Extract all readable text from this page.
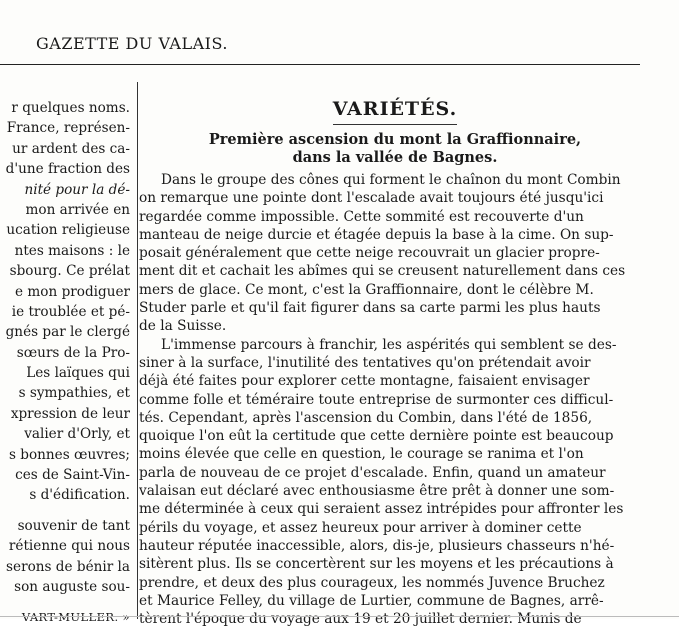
GAZETTE DU VALAIS.
r quelques noms.
France, représen-
ur ardent des ca-
d'une fraction des
nité pour la dé-
mon arrivée en
ucation religieuse
ntes maisons : le
sbourg. Ce prélat
e mon prodiguer
ie troublée et pé-
gnés par le clergé
sœurs de la Pro-
Les laïques qui
s sympathies, et
xpression de leur
valier d'Orly, et
s bonnes œuvres;
ces de Saint-Vin-
s d'édification.
souvenir de tant
rétienne qui nous
serons de bénir la
son auguste sou-
VART-MULLER. »
VARIÉTÉS.
Première ascension du mont la Graffionnaire,
dans la vallée de Bagnes.
Dans le groupe des cônes qui forment le chaînon du mont Combin
on remarque une pointe dont l'escalade avait toujours été jusqu'ici
regardée comme impossible. Cette sommité est recouverte d'un
manteau de neige durcie et étagée depuis la base à la cime. On sup-
posait généralement que cette neige recouvrait un glacier propre-
ment dit et cachait les abîmes qui se creusent naturellement dans ces
mers de glace. Ce mont, c'est la Graffionnaire, dont le célèbre M.
Studer parle et qu'il fait figurer dans sa carte parmi les plus hauts
de la Suisse.
L'immense parcours à franchir, les aspérités qui semblent se des-
siner à la surface, l'inutilité des tentatives qu'on prétendait avoir
déjà été faites pour explorer cette montagne, faisaient envisager
comme folle et téméraire toute entreprise de surmonter ces difficul-
tés. Cependant, après l'ascension du Combin, dans l'été de 1856,
quoique l'on eût la certitude que cette dernière pointe est beaucoup
moins élevée que celle en question, le courage se ranima et l'on
parla de nouveau de ce projet d'escalade. Enfin, quand un amateur
valaisan eut déclaré avec enthousiasme être prêt à donner une som-
me déterminée à ceux qui seraient assez intrépides pour affronter les
périls du voyage, et assez heureux pour arriver à dominer cette
hauteur réputée inaccessible, alors, dis-je, plusieurs chasseurs n'hé-
sitèrent plus. Ils se concertèrent sur les moyens et les précautions à
prendre, et deux des plus courageux, les nommés Juvence Bruchez
et Maurice Felley, du village de Lurtier, commune de Bagnes, arrê-
tèrent l'époque du voyage aux 19 et 20 juillet dernier. Munis de
